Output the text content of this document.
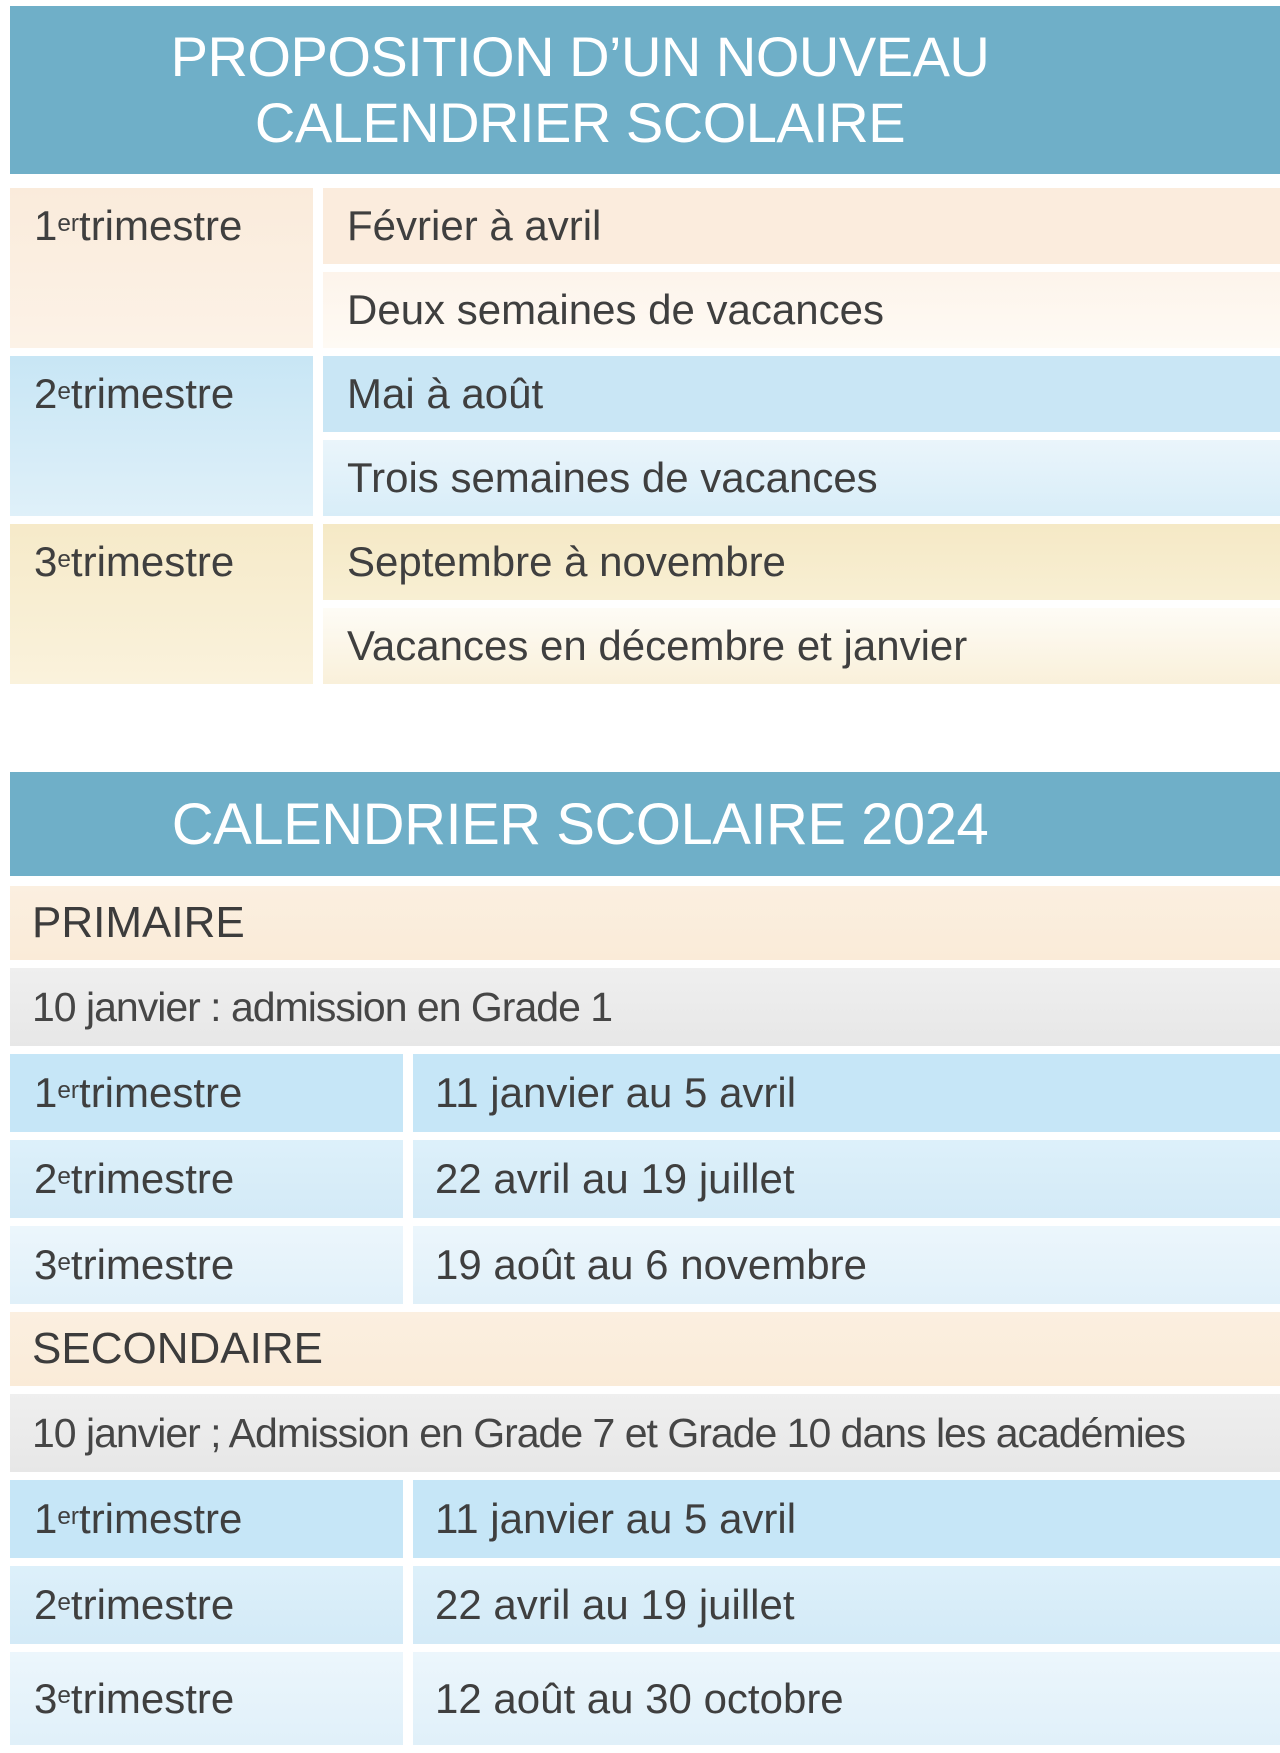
PROPOSITION D’UN NOUVEAU
CALENDRIER SCOLAIRE
1er trimestre	Février à avril
Deux semaines de vacances
2e trimestre	Mai à août
Trois semaines de vacances
3e trimestre	Septembre à novembre
Vacances en décembre et janvier
CALENDRIER SCOLAIRE 2024
PRIMAIRE
10 janvier : admission en Grade 1
1er trimestre	11 janvier au 5 avril
2e trimestre	22 avril au 19 juillet
3e trimestre	19 août au 6 novembre
SECONDAIRE
10 janvier ; Admission en Grade 7 et Grade 10 dans les académies
1er trimestre	11 janvier au 5 avril
2e trimestre	22 avril au 19 juillet
3e trimestre	12 août au 30 octobre
